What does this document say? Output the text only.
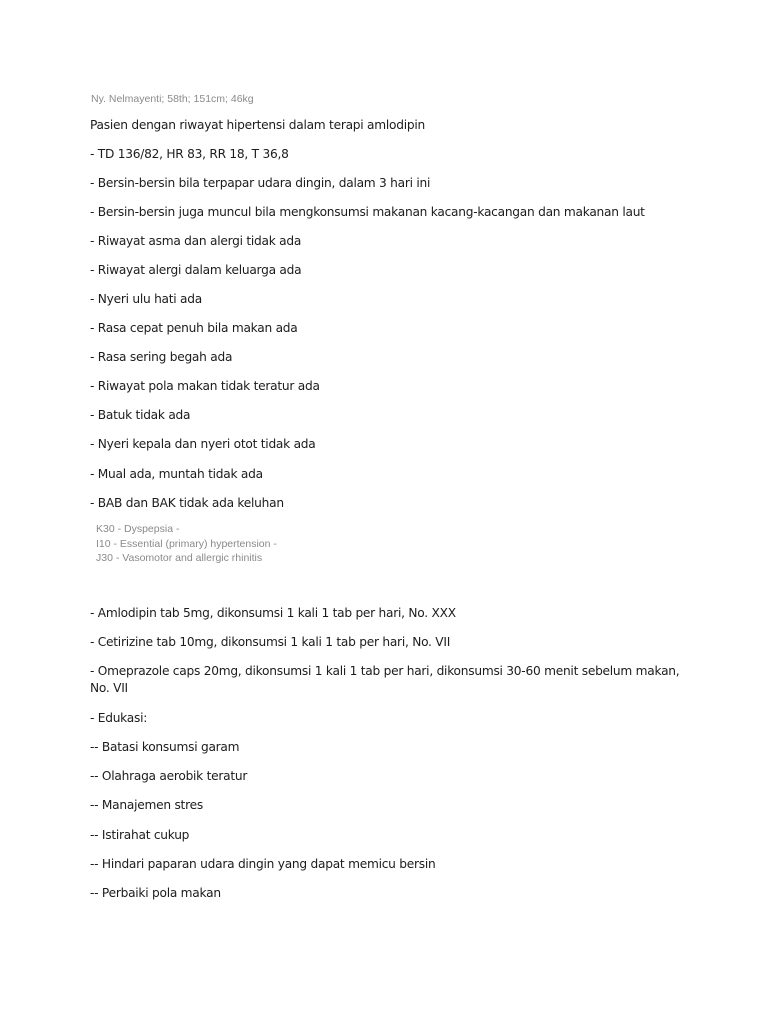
Ny. Nelmayenti; 58th; 151cm; 46kg
Pasien dengan riwayat hipertensi dalam terapi amlodipin
- TD 136/82, HR 83, RR 18, T 36,8
- Bersin-bersin bila terpapar udara dingin, dalam 3 hari ini
- Bersin-bersin juga muncul bila mengkonsumsi makanan kacang-kacangan dan makanan laut
- Riwayat asma dan alergi tidak ada
- Riwayat alergi dalam keluarga ada
- Nyeri ulu hati ada
- Rasa cepat penuh bila makan ada
- Rasa sering begah ada
- Riwayat pola makan tidak teratur ada
- Batuk tidak ada
- Nyeri kepala dan nyeri otot tidak ada
- Mual ada, muntah tidak ada
- BAB dan BAK tidak ada keluhan
K30 - Dyspepsia -
I10 - Essential (primary) hypertension -
J30 - Vasomotor and allergic rhinitis
- Amlodipin tab 5mg, dikonsumsi 1 kali 1 tab per hari, No. XXX
- Cetirizine tab 10mg, dikonsumsi 1 kali 1 tab per hari, No. VII
- Omeprazole caps 20mg, dikonsumsi 1 kali 1 tab per hari, dikonsumsi 30-60 menit sebelum makan, No. VII
- Edukasi:
-- Batasi konsumsi garam
-- Olahraga aerobik teratur
-- Manajemen stres
-- Istirahat cukup
-- Hindari paparan udara dingin yang dapat memicu bersin
-- Perbaiki pola makan
